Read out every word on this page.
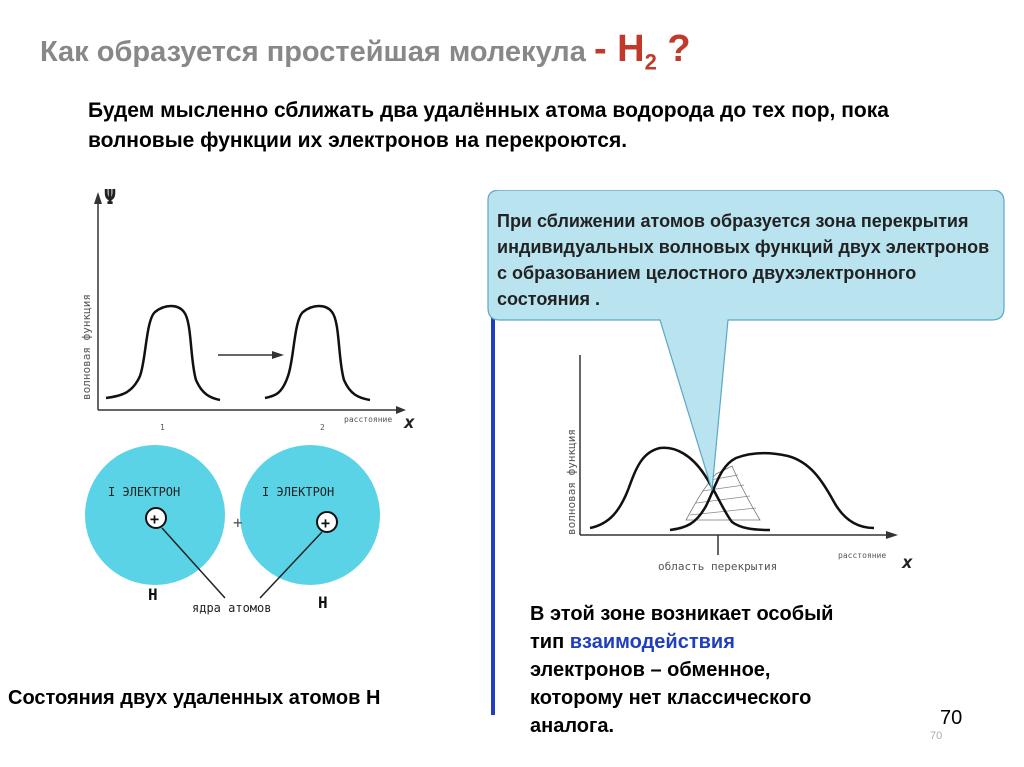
Как образуется простейшая молекула - $H_2$ ?
Будем мысленно сближать два удалённых атома водорода до тех пор, пока волновые функции их электронов на перекроются.
Ψ
волновая функция
расстояние x
1	2
I ЭЛЕКТРОН	I ЭЛЕКТРОН
+	+
+
Н	Н
ядра атомов
Состояния двух удаленных атомов Н
волновая функция
расстояние x
область перекрытия
При сближении атомов образуется зона перекрытия индивидуальных волновых функций двух электронов с образованием целостного двухэлектронного состояния .
В этой зоне возникает особый
тип взаимодействия
электронов – обменное,
которому нет классического
аналога.	70
70
